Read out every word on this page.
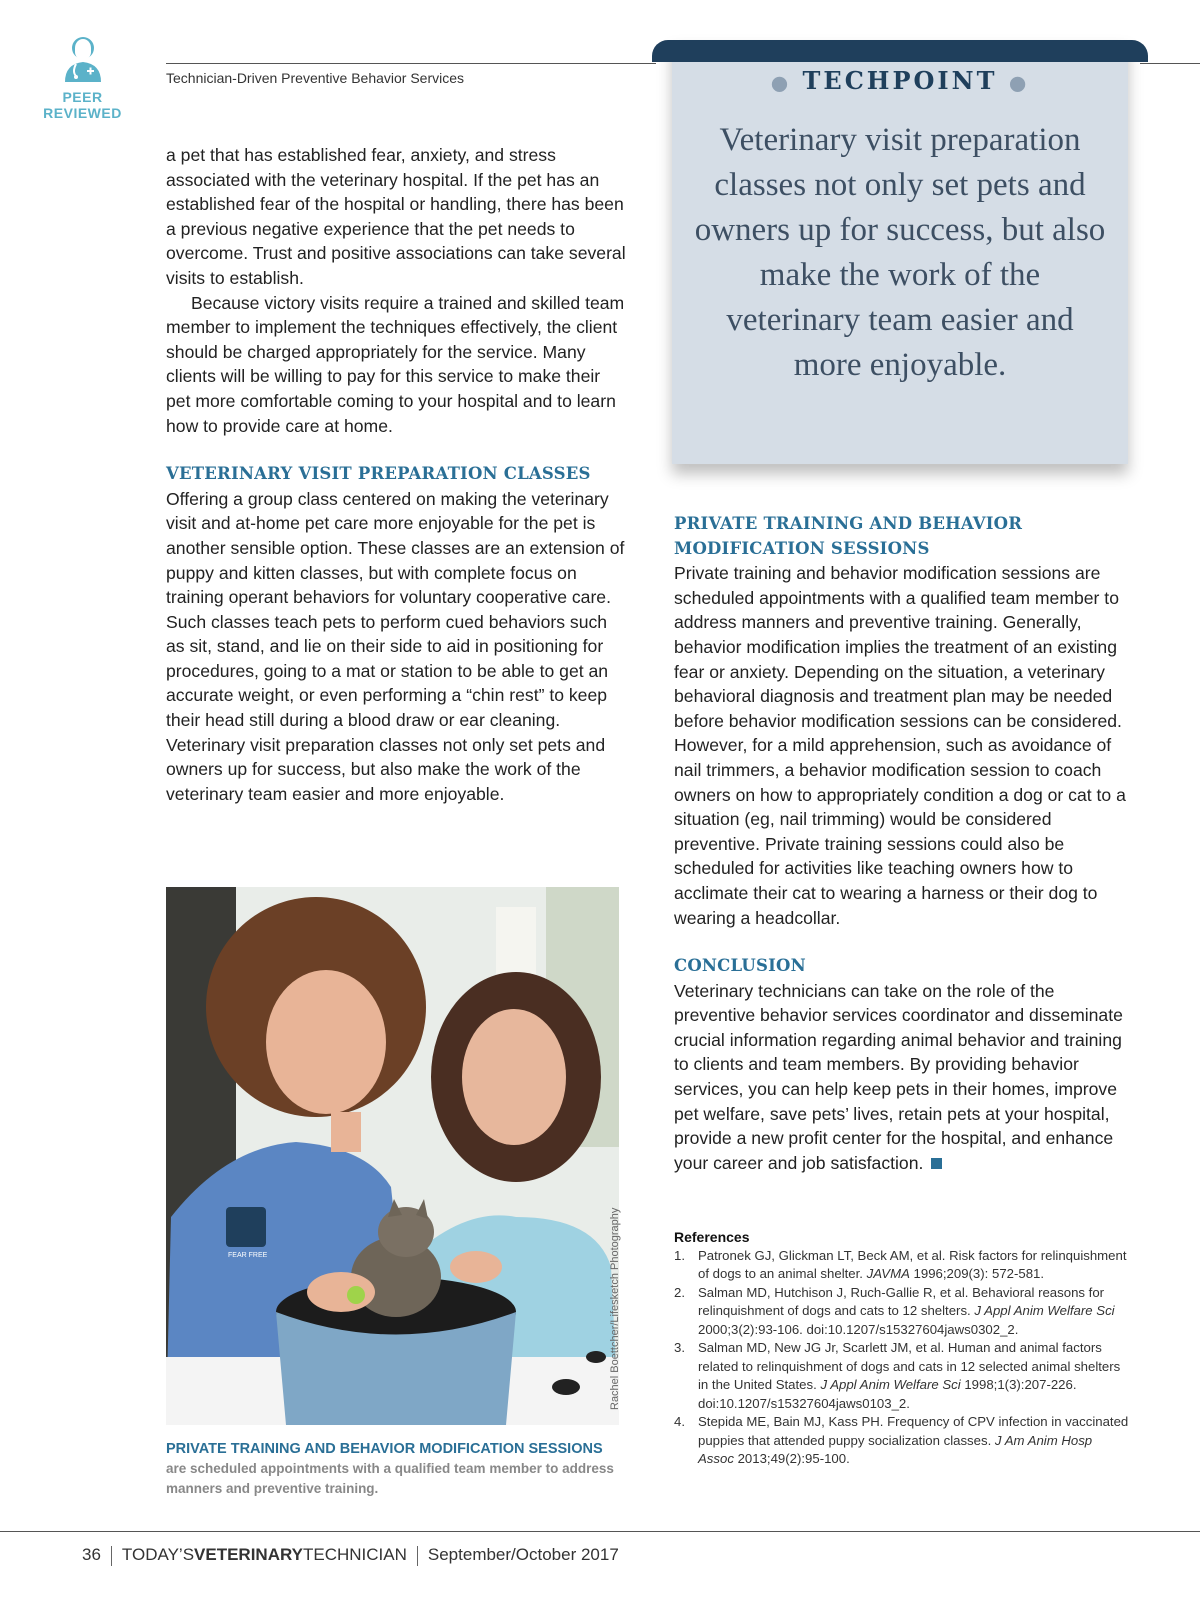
PEER
REVIEWED
Technician-Driven Preventive Behavior Services

a pet that has established fear, anxiety, and stress associated with the veterinary hospital. If the pet has an established fear of the hospital or handling, there has been a previous negative experience that the pet needs to overcome. Trust and positive associations can take several visits to establish.

Because victory visits require a trained and skilled team member to implement the techniques effectively, the client should be charged appropriately for the service. Many clients will be willing to pay for this service to make their pet more comfortable coming to your hospital and to learn how to provide care at home.

VETERINARY VISIT PREPARATION CLASSES

Offering a group class centered on making the veterinary visit and at-home pet care more enjoyable for the pet is another sensible option. These classes are an extension of puppy and kitten classes, but with complete focus on training operant behaviors for voluntary cooperative care. Such classes teach pets to perform cued behaviors such as sit, stand, and lie on their side to aid in positioning for procedures, going to a mat or station to be able to get an accurate weight, or even performing a “chin rest” to keep their head still during a blood draw or ear cleaning. Veterinary visit preparation classes not only set pets and owners up for success, but also make the work of the veterinary team easier and more enjoyable.

● TECHPOINT ●
Veterinary visit preparation classes not only set pets and owners up for success, but also make the work of the veterinary team easier and more enjoyable.
PRIVATE TRAINING AND BEHAVIOR
MODIFICATION SESSIONS

Private training and behavior modification sessions are scheduled appointments with a qualified team member to address manners and preventive training. Generally, behavior modification implies the treatment of an existing fear or anxiety. Depending on the situation, a veterinary behavioral diagnosis and treatment plan may be needed before behavior modification sessions can be considered. However, for a mild apprehension, such as avoidance of nail trimmers, a behavior modification session to coach owners on how to appropriately condition a dog or cat to a situation (eg, nail trimming) would be considered preventive. Private training sessions could also be scheduled for activities like teaching owners how to acclimate their cat to wearing a harness or their dog to wearing a headcollar.

CONCLUSION

Veterinary technicians can take on the role of the preventive behavior services coordinator and disseminate crucial information regarding animal behavior and training to clients and team members. By providing behavior services, you can help keep pets in their homes, improve pet welfare, save pets’ lives, retain pets at your hospital, provide a new profit center for the hospital, and enhance your career and job satisfaction.

FEAR FREE	Rachel Boettcher/Lifesketch Photography
PRIVATE TRAINING AND BEHAVIOR MODIFICATION SESSIONS
are scheduled appointments with a qualified team member to address manners and preventive training.
References
1. Patronek GJ, Glickman LT, Beck AM, et al. Risk factors for relinquishment of dogs to an animal shelter. JAVMA 1996;209(3): 572-581.
2. Salman MD, Hutchison J, Ruch-Gallie R, et al. Behavioral reasons for relinquishment of dogs and cats to 12 shelters. J Appl Anim Welfare Sci 2000;3(2):93-106. doi:10.1207/s15327604jaws0302_2.
3. Salman MD, New JG Jr, Scarlett JM, et al. Human and animal factors related to relinquishment of dogs and cats in 12 selected animal shelters in the United States. J Appl Anim Welfare Sci 1998;1(3):207-226. doi:10.1207/s15327604jaws0103_2.
4. Stepida ME, Bain MJ, Kass PH. Frequency of CPV infection in vaccinated puppies that attended puppy socialization classes. J Am Anim Hosp Assoc 2013;49(2):95-100.
36 TODAY’SVETERINARYTECHNICIAN September/October 2017
